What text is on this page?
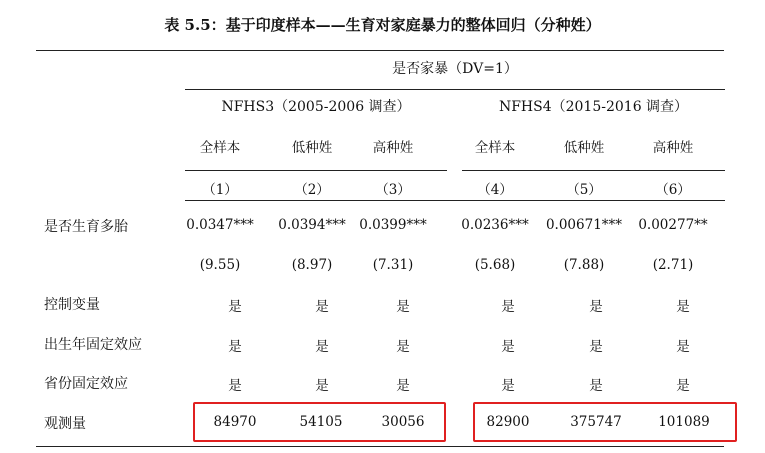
表 5.5：基于印度样本——生育对家庭暴力的整体回归（分种姓）
是否家暴（DV=1）
NFHS3（2005-2006 调查）	NFHS4（2015-2016 调查）
全样本	低种姓	高种姓	全样本	低种姓	高种姓
（1）	（2）	（3）	（4）	（5）	（6）
是否生育多胎	0.0347***	0.0394***	0.0399***	0.0236***	0.00671***	0.00277**
(9.55)	(8.97)	(7.31)	(5.68)	(7.88)	(2.71)
控制变量	是	是	是	是	是	是
出生年固定效应	是	是	是	是	是	是
省份固定效应	是	是	是	是	是	是
观测量	84970	54105	30056	82900	375747	101089
